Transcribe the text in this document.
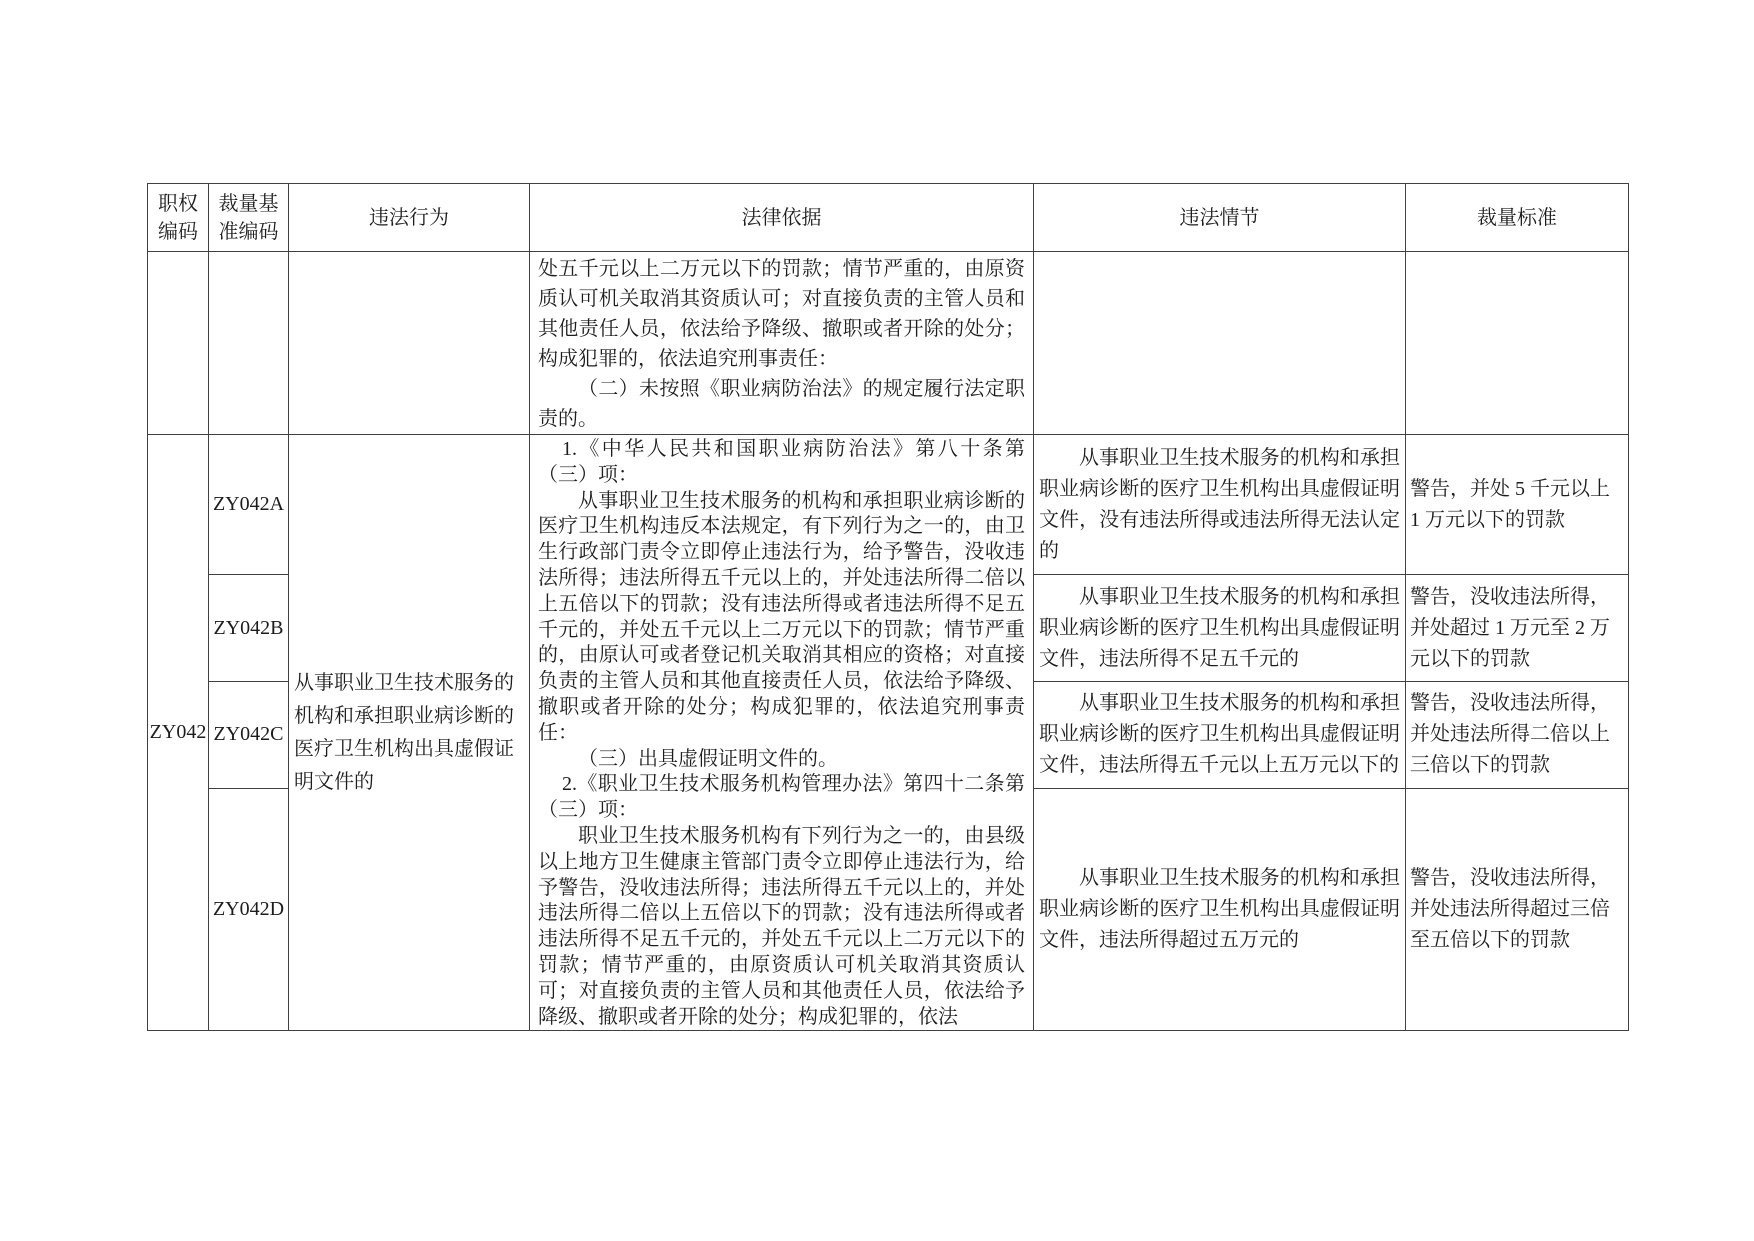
职权编码	裁量基准编码	违法行为	法律依据	违法情节	裁量标准

			处五千元以上二万元以下的罚款；情节严重的，由原资质认可机关取消其资质认可；对直接负责的主管人员和其他责任人员，依法给予降级、撤职或者开除的处分；构成犯罪的，依法追究刑事责任：
（二）未按照《职业病防治法》的规定履行法定职责的。		

ZY042	ZY042A	从事职业卫生技术服务的机构和承担职业病诊断的医疗卫生机构出具虚假证明文件的	1.《中华人民共和国职业病防治法》第八十条第（三）项：
从事职业卫生技术服务的机构和承担职业病诊断的医疗卫生机构违反本法规定，有下列行为之一的，由卫生行政部门责令立即停止违法行为，给予警告，没收违法所得；违法所得五千元以上的，并处违法所得二倍以上五倍以下的罚款；没有违法所得或者违法所得不足五千元的，并处五千元以上二万元以下的罚款；情节严重的，由原认可或者登记机关取消其相应的资格；对直接负责的主管人员和其他直接责任人员，依法给予降级、撤职或者开除的处分；构成犯罪的，依法追究刑事责任：
（三）出具虚假证明文件的。
2.《职业卫生技术服务机构管理办法》第四十二条第（三）项：
职业卫生技术服务机构有下列行为之一的，由县级以上地方卫生健康主管部门责令立即停止违法行为，给予警告，没收违法所得；违法所得五千元以上的，并处违法所得二倍以上五倍以下的罚款；没有违法所得或者违法所得不足五千元的，并处五千元以上二万元以下的罚款；情节严重的，由原资质认可机关取消其资质认可；对直接负责的主管人员和其他责任人员，依法给予降级、撤职或者开除的处分；构成犯罪的，依法	从事职业卫生技术服务的机构和承担职业病诊断的医疗卫生机构出具虚假证明文件，没有违法所得或违法所得无法认定的	警告，并处 5 千元以上 1 万元以下的罚款

	ZY042B			从事职业卫生技术服务的机构和承担职业病诊断的医疗卫生机构出具虚假证明文件，违法所得不足五千元的	警告，没收违法所得，并处超过 1 万元至 2 万元以下的罚款

	ZY042C			从事职业卫生技术服务的机构和承担职业病诊断的医疗卫生机构出具虚假证明文件，违法所得五千元以上五万元以下的	警告，没收违法所得，并处违法所得二倍以上三倍以下的罚款

	ZY042D			从事职业卫生技术服务的机构和承担职业病诊断的医疗卫生机构出具虚假证明文件，违法所得超过五万元的	警告，没收违法所得，并处违法所得超过三倍至五倍以下的罚款
